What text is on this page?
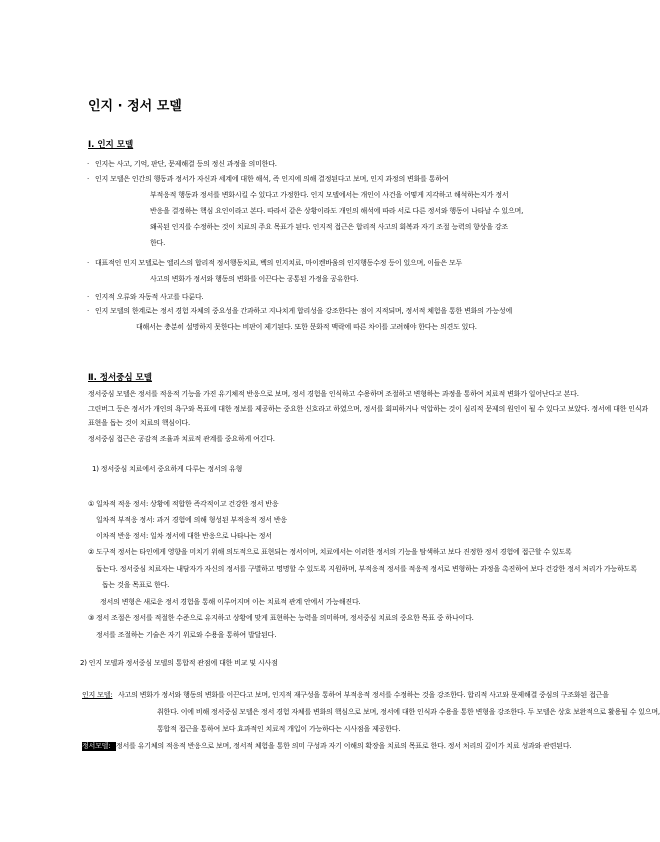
인지 · 정서 모델
Ⅰ. 인지 모델
· 인지는 사고, 기억, 판단, 문제해결 등의 정신 과정을 의미한다.
· 인지 모델은 인간의 행동과 정서가 자신과 세계에 대한 해석, 즉 인지에 의해 결정된다고 보며, 인지 과정의 변화를 통하여
부적응적 행동과 정서를 변화시킬 수 있다고 가정한다. 인지 모델에서는 개인이 사건을 어떻게 지각하고 해석하는지가 정서
반응을 결정하는 핵심 요인이라고 본다. 따라서 같은 상황이라도 개인의 해석에 따라 서로 다른 정서와 행동이 나타날 수 있으며,
왜곡된 인지를 수정하는 것이 치료의 주요 목표가 된다. 인지적 접근은 합리적 사고의 회복과 자기 조절 능력의 향상을 강조
한다.
· 대표적인 인지 모델로는 엘리스의 합리적 정서행동치료, 벡의 인지치료, 마이켄바움의 인지행동수정 등이 있으며, 이들은 모두
사고의 변화가 정서와 행동의 변화를 이끈다는 공통된 가정을 공유한다.
· 인지적 오류와 자동적 사고를 다룬다.
· 인지 모델의 한계로는 정서 경험 자체의 중요성을 간과하고 지나치게 합리성을 강조한다는 점이 지적되며, 정서적 체험을 통한 변화의 가능성에
대해서는 충분히 설명하지 못한다는 비판이 제기된다. 또한 문화적 맥락에 따른 차이를 고려해야 한다는 의견도 있다.
Ⅱ. 정서중심 모델
정서중심 모델은 정서를 적응적 기능을 가진 유기체적 반응으로 보며, 정서 경험을 인식하고 수용하며 조절하고 변형하는 과정을 통하여 치료적 변화가 일어난다고 본다.
그린버그 등은 정서가 개인의 욕구와 목표에 대한 정보를 제공하는 중요한 신호라고 하였으며, 정서를 회피하거나 억압하는 것이 심리적 문제의 원인이 될 수 있다고 보았다. 정서에 대한 인식과
표현을 돕는 것이 치료의 핵심이다.
정서중심 접근은 공감적 조율과 치료적 관계를 중요하게 여긴다.
1) 정서중심 치료에서 중요하게 다루는 정서의 유형
① 일차적 적응 정서: 상황에 적합한 즉각적이고 건강한 정서 반응
일차적 부적응 정서: 과거 경험에 의해 형성된 부적응적 정서 반응
이차적 반응 정서: 일차 정서에 대한 반응으로 나타나는 정서
② 도구적 정서는 타인에게 영향을 미치기 위해 의도적으로 표현되는 정서이며, 치료에서는 이러한 정서의 기능을 탐색하고 보다 진정한 정서 경험에 접근할 수 있도록
돕는다. 정서중심 치료자는 내담자가 자신의 정서를 구별하고 명명할 수 있도록 지원하며, 부적응적 정서를 적응적 정서로 변형하는 과정을 촉진하여 보다 건강한 정서 처리가 가능하도록
돕는 것을 목표로 한다.
정서의 변형은 새로운 정서 경험을 통해 이루어지며 이는 치료적 관계 안에서 가능해진다.
③ 정서 조절은 정서를 적절한 수준으로 유지하고 상황에 맞게 표현하는 능력을 의미하며, 정서중심 치료의 중요한 목표 중 하나이다.
정서를 조절하는 기술은 자기 위로와 수용을 통하여 발달된다.
2) 인지 모델과 정서중심 모델의 통합적 관점에 대한 비교 및 시사점
인지 모델: 사고의 변화가 정서와 행동의 변화를 이끈다고 보며, 인지적 재구성을 통하여 부적응적 정서를 수정하는 것을 강조한다. 합리적 사고와 문제해결 중심의 구조화된 접근을
취한다. 이에 비해 정서중심 모델은 정서 경험 자체를 변화의 핵심으로 보며, 정서에 대한 인식과 수용을 통한 변형을 강조한다. 두 모델은 상호 보완적으로 활용될 수 있으며,
통합적 접근을 통하여 보다 효과적인 치료적 개입이 가능하다는 시사점을 제공한다.
정서모델: 정서를 유기체의 적응적 반응으로 보며, 정서적 체험을 통한 의미 구성과 자기 이해의 확장을 치료의 목표로 한다. 정서 처리의 깊이가 치료 성과와 관련된다.
